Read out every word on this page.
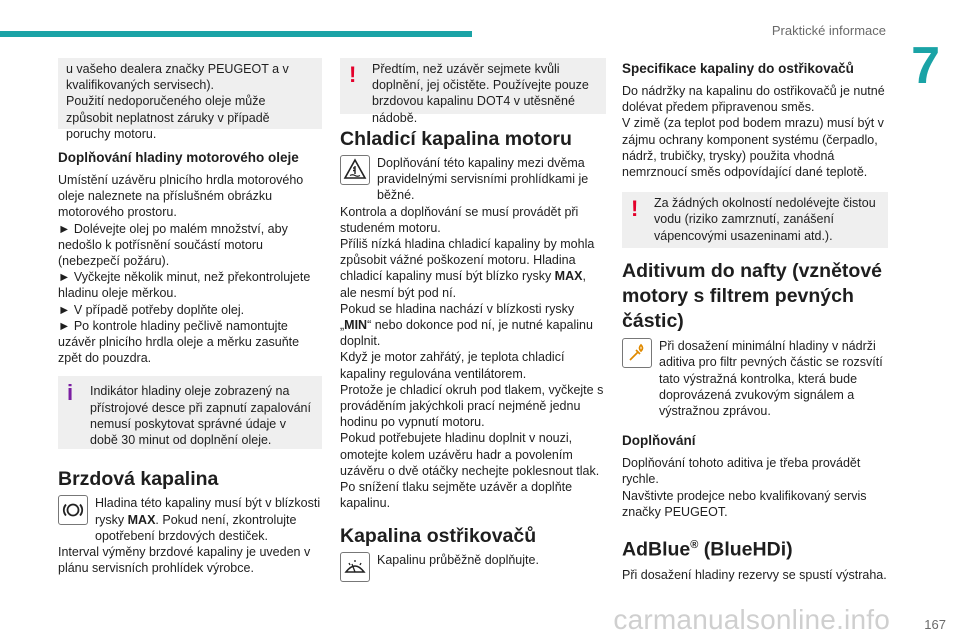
Praktické informace
7

u vašeho dealera značky PEUGEOT a v kvalifikovaných servisech).

Použití nedoporučeného oleje může způsobit neplatnost záruky v případě poruchy motoru.

Doplňování hladiny motorového oleje

Umístění uzávěru plnicího hrdla motorového oleje naleznete na příslušném obrázku motorového prostoru.

► Dolévejte olej po malém množství, aby nedošlo k potřísnění součástí motoru (nebezpečí požáru).

► Vyčkejte několik minut, než překontrolujete hladinu oleje měrkou.

► V případě potřeby doplňte olej.

► Po kontrole hladiny pečlivě namontujte uzávěr plnicího hrdla oleje a měrku zasuňte zpět do pouzdra.

i	Indikátor hladiny oleje zobrazený na přístrojové desce při zapnutí zapalování nemusí poskytovat správné údaje v době 30 minut od doplnění oleje.

Brzdová kapalina

Hladina této kapaliny musí být v blízkosti rysky MAX. Pokud není, zkontrolujte opotřebení brzdových destiček.

Interval výměny brzdové kapaliny je uveden v plánu servisních prohlídek výrobce.

!	Předtím, než uzávěr sejmete kvůli doplnění, jej očistěte. Používejte pouze brzdovou kapalinu DOT4 v utěsněné nádobě.

Chladicí kapalina motoru

Doplňování této kapaliny mezi dvěma pravidelnými servisními prohlídkami je běžné.

Kontrola a doplňování se musí provádět při studeném motoru.

Příliš nízká hladina chladicí kapaliny by mohla způsobit vážné poškození motoru. Hladina chladicí kapaliny musí být blízko rysky MAX, ale nesmí být pod ní.

Pokud se hladina nachází v blízkosti rysky „MIN“ nebo dokonce pod ní, je nutné kapalinu doplnit.

Když je motor zahřátý, je teplota chladicí kapaliny regulována ventilátorem.

Protože je chladicí okruh pod tlakem, vyčkejte s prováděním jakýchkoli prací nejméně jednu hodinu po vypnutí motoru.

Pokud potřebujete hladinu doplnit v nouzi, omotejte kolem uzávěru hadr a povolením uzávěru o dvě otáčky nechejte poklesnout tlak. Po snížení tlaku sejměte uzávěr a doplňte kapalinu.

Kapalina ostřikovačů

Kapalinu průběžně doplňujte.

Specifikace kapaliny do ostřikovačů

Do nádržky na kapalinu do ostřikovačů je nutné dolévat předem připravenou směs.

V zimě (za teplot pod bodem mrazu) musí být v zájmu ochrany komponent systému (čerpadlo, nádrž, trubičky, trysky) použita vhodná nemrznoucí směs odpovídající dané teplotě.

!	Za žádných okolností nedolévejte čistou vodu (riziko zamrznutí, zanášení vápencovými usazeninami atd.).

Aditivum do nafty (vznětové motory s filtrem pevných částic)

Při dosažení minimální hladiny v nádrži aditiva pro filtr pevných částic se rozsvítí tato výstražná kontrolka, která bude doprovázená zvukovým signálem a výstražnou zprávou.

Doplňování

Doplňování tohoto aditiva je třeba provádět rychle.

Navštivte prodejce nebo kvalifikovaný servis značky PEUGEOT.

AdBlue® (BlueHDi)

Při dosažení hladiny rezervy se spustí výstraha.

carmanualsonline.info	167
